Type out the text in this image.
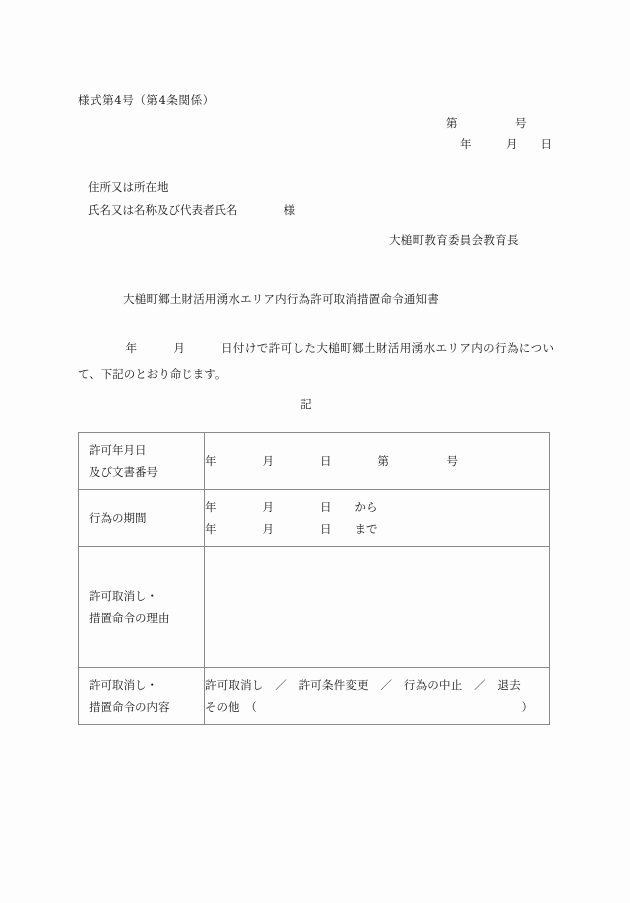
様式第4号（第4条関係）
第　　　　　号
年　　　月　　日
住所又は所在地
氏名又は名称及び代表者氏名　　　　様
大槌町教育委員会教育長
大槌町郷土財活用湧水エリア内行為許可取消措置命令通知書
　　　　年　　　月　　　日付けで許可した大槌町郷土財活用湧水エリア内の行為について、下記のとおり命じます。
記
許可年月日
及び文書番号	年　　　　月　　　　日　　　　第　　　　　号

行為の期間	年　　　　月　　　　日　　から
年　　　　月　　　　日　　まで

許可取消し・
措置命令の理由	

許可取消し・
措置命令の内容	許可取消し　／　許可条件変更　／　行為の中止　／　退去
その他　（ ）
